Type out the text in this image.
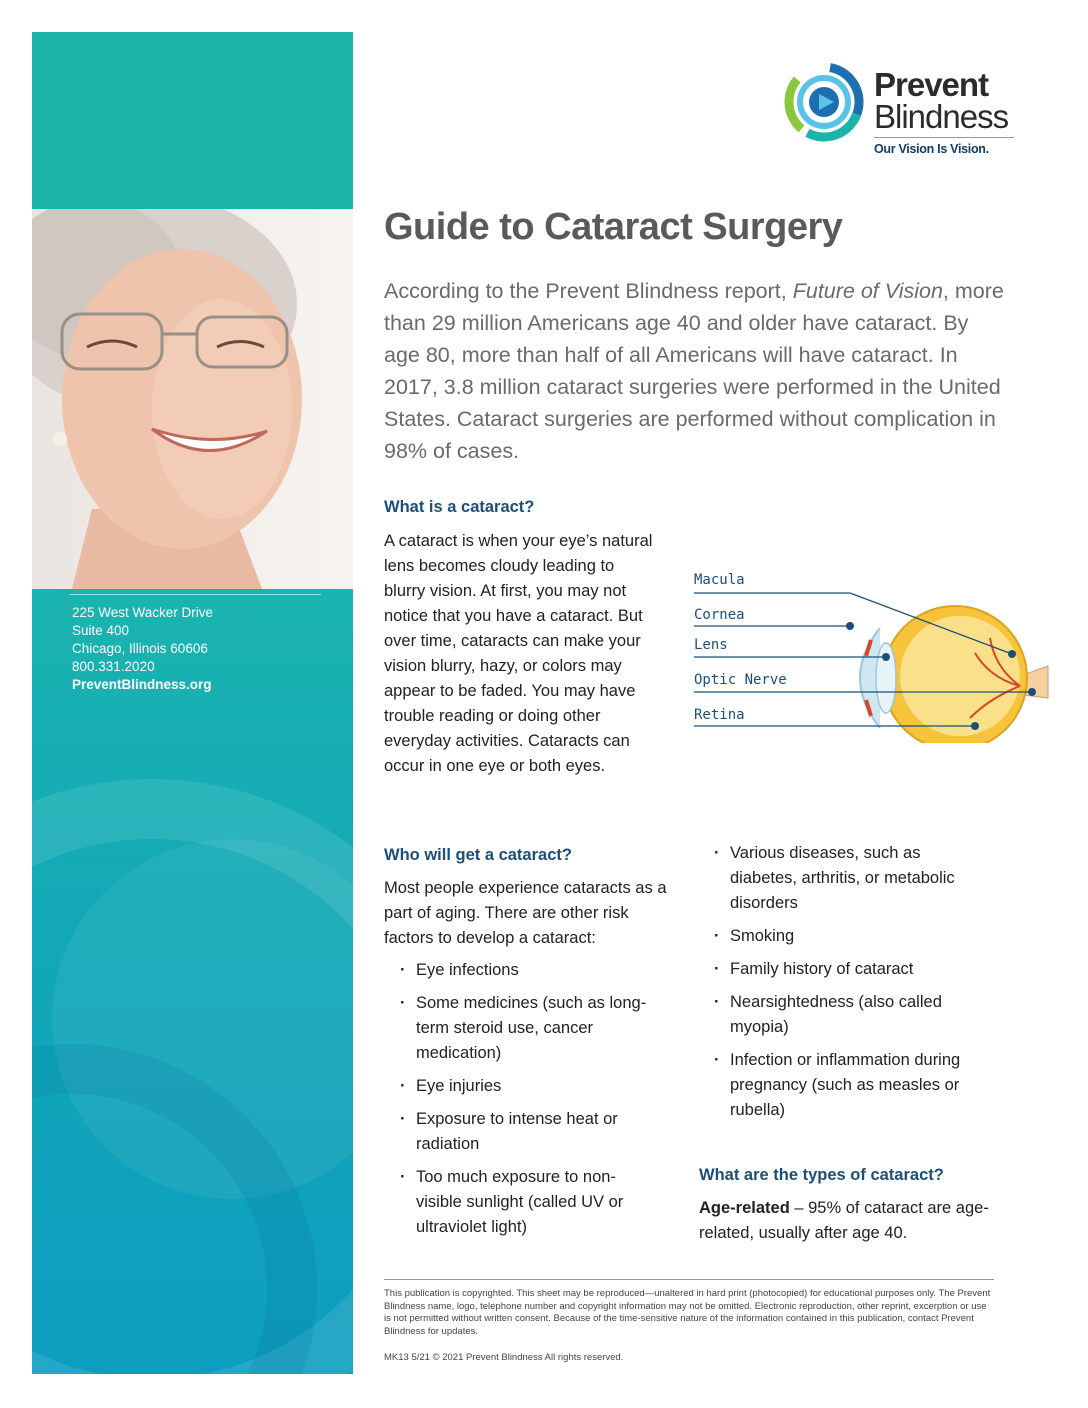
225 West Wacker Drive
Suite 400
Chicago, Illinois 60606
800.331.2020
PreventBlindness.org
Prevent
Blindness
Our Vision Is Vision.
Guide to Cataract Surgery
According to the Prevent Blindness report, Future of Vision, more than 29 million Americans age 40 and older have cataract. By age 80, more than half of all Americans will have cataract. In 2017, 3.8 million cataract surgeries were performed in the United States. Cataract surgeries are performed without complication in 98% of cases.
What is a cataract?
A cataract is when your eye’s natural lens becomes cloudy leading to blurry vision. At first, you may not notice that you have a cataract. But over time, cataracts can make your vision blurry, hazy, or colors may appear to be faded. You may have trouble reading or doing other everyday activities. Cataracts can occur in one eye or both eyes.
Macula
Cornea
Lens
Optic Nerve
Retina
Who will get a cataract?
Most people experience cataracts as a part of aging. There are other risk factors to develop a cataract:
· Eye infections
· Some medicines (such as long-term steroid use, cancer medication)
· Eye injuries
· Exposure to intense heat or radiation
· Too much exposure to non-visible sunlight (called UV or ultraviolet light)
· Various diseases, such as diabetes, arthritis, or metabolic disorders
· Smoking
· Family history of cataract
· Nearsightedness (also called myopia)
· Infection or inflammation during pregnancy (such as measles or rubella)
What are the types of cataract?
Age-related – 95% of cataract are age-related, usually after age 40.
This publication is copyrighted. This sheet may be reproduced—unaltered in hard print (photocopied) for educational purposes only. The Prevent Blindness name, logo, telephone number and copyright information may not be omitted. Electronic reproduction, other reprint, excerption or use is not permitted without written consent. Because of the time-sensitive nature of the information contained in this publication, contact Prevent Blindness for updates.
MK13 5/21 © 2021 Prevent Blindness All rights reserved.
